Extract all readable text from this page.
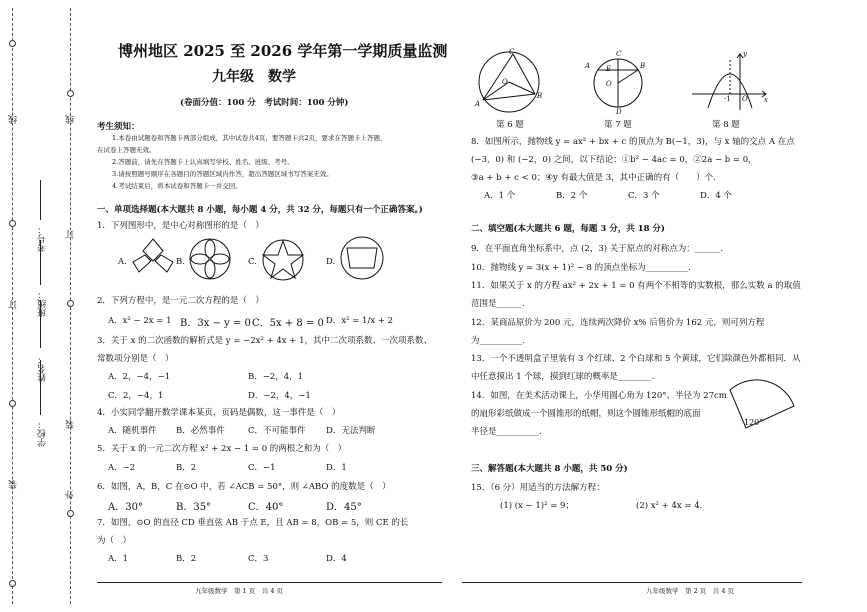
线
订
装
线
订
装
外
学校：
姓名：
班级：
考号：
博州地区 2025 至 2026 学年第一学期质量监测
九年级　数学
(卷面分值：100 分　考试时间：100 分钟)
考生须知：
1.本卷由试题卷和答题卡两部分组成，其中试卷共4页，要答题卡共2页，要求在答题卡上答题，
在试卷上答题无效。
2.答题前，请先在答题卡上认真填写学校、姓名、班级、考号。
3.请按照题号顺序在各题目的答题区域内作答，超出答题区域书写答案无效。
4.考试结束后，将本试卷和答题卡一并交回。
一、单项选择题(本大题共 8 小题，每小题 4 分，共 32 分，每题只有一个正确答案。)
1．下列图形中，是中心对称图形的是（　）
A.	B.	C.	D.
2．下列方程中，是一元二次方程的是（　）
A．x² − 2x = 1 B．3x − y = 0 C．5x + 8 = 0 D．x² = 1/x + 2
3．关于 x 的二次函数的解析式是 y = −2x² + 4x + 1，其中二次项系数、一次项系数、
常数项分别是（　）
A．2，−4，−1	B．−2，4，1
C．2，−4，1	D．−2，4，−1
4．小实同学翻开数学课本某页，页码是偶数，这一事件是（　）
A．随机事件 B．必然事件	C．不可能事件 D．无法判断
5．关于 x 的一元二次方程 x² + 2x − 1 = 0 的两根之和为（　）
A．−2	B．2	C．−1	D．1
6．如图，A，B，C 在⊙O 中，若 ∠ACB = 50°，则 ∠ABO 的度数是（　）
A．30°	B．35°	C．40°	D．45°
7．如图，⊙O 的直径 CD 垂直弦 AB 于点 E，且 AB = 8，OB = 5，则 CE 的长
为（　）
A．1	B．2	C．3	D．4
九年级数学　第 1 页　共 4 页
C
O
A
B
第 6 题
A E
O
B
C
D
第 7 题
y
x
O
-1
第 8 题
8．如图所示，抛物线 y = ax² + bx + c 的顶点为 B(−1，3)，与 x 轴的交点 A 在点
(−3，0) 和 (−2，0) 之间，以下结论：①b² − 4ac = 0，②2a − b = 0，
③a + b + c < 0；④y 有最大值是 3，其中正确的有（　　）个.
A．1 个	B．2 个	C．3 个	D．4 个
二、填空题(本大题共 6 题，每题 3 分，共 18 分)
9．在平面直角坐标系中，点 (2，3) 关于原点的对称点为：______.
10．抛物线 y = 3(x + 1)² − 8 的顶点坐标为__________.
11．如果关于 x 的方程 ax² + 2x + 1 = 0 有两个不相等的实数根，那么实数 a 的取值
范围是______.
12．某商品原价为 200 元，连续两次降价 x% 后售价为 162 元，则可列方程
为__________.
13．一个不透明盒子里装有 3 个红球、2 个白球和 5 个黄球，它们除颜色外都相同．从
中任意摸出 1 个球，摸到红球的概率是________.
14．如图，在美术活动课上，小华用圆心角为 120°、半径为 27cm
的扇形彩纸做成一个圆锥形的纸帽，则这个圆锥形纸帽的底面
半径是__________.
120°
三、解答题(本大题共 8 小题，共 50 分)
15．（6 分）用适当的方法解方程：
(1) (x − 1)² = 9；	(2) x² + 4x = 4．
九年级数学　第 2 页　共 4 页
